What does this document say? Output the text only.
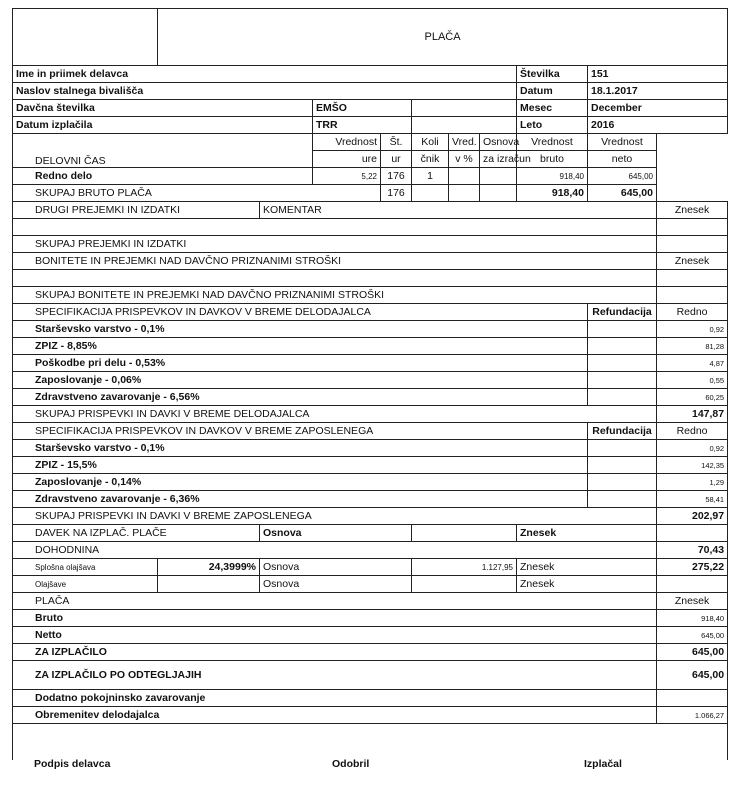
	PLAČA									
Ime in priimek delavca								Številka	151	
Naslov stalnega bivališča								Datum	18.1.2017	
Davčna številka			EMŠO					Mesec	December	
Datum izplačila			TRR					Leto	2016	
DELOVNI ČAS			Vrednost	Št.	Koli	Vred.	Osnova	Vrednost	Vrednost
			ure	ur	čnik	v %	za izračun	bruto	neto	
Redno delo			5,22	176	1			918,40	645,00	
SKUPAJ BRUTO PLAČA				176				918,40	645,00	
DRUGI PREJEMKI IN IZDATKI		KOMENTAR								Znesek

SKUPAJ PREJEMKI IN IZDATKI										
BONITETE IN PREJEMKI NAD DAVČNO PRIZNANIMI STROŠKI										Znesek

SKUPAJ BONITETE IN PREJEMKI NAD DAVČNO PRIZNANIMI STROŠKI										
SPECIFIKACIJA PRISPEVKOV IN DAVKOV V BREME DELODAJALCA									Refundacija	Redno
Starševsko varstvo - 0,1%										0,92
ZPIZ - 8,85%										81,28
Poškodbe pri delu - 0,53%										4,87
Zaposlovanje - 0,06%										0,55
Zdravstveno zavarovanje - 6,56%										60,25
SKUPAJ PRISPEVKI IN DAVKI V BREME DELODAJALCA										147,87
SPECIFIKACIJA PRISPEVKOV IN DAVKOV V BREME ZAPOSLENEGA									Refundacija	Redno
Starševsko varstvo - 0,1%										0,92
ZPIZ - 15,5%										142,35
Zaposlovanje - 0,14%										1,29
Zdravstveno zavarovanje - 6,36%										58,41
SKUPAJ PRISPEVKI IN DAVKI V BREME ZAPOSLENEGA										202,97
DAVEK NA IZPLAČ. PLAČE		Osnova						Znesek		
DOHODNINA										70,43
Splošna olajšava	24,3999%	Osnova			1.127,95			Znesek		275,22
Olajšave		Osnova						Znesek		
PLAČA										Znesek
Bruto										918,40
Netto										645,00
ZA IZPLAČILO										645,00
ZA IZPLAČILO PO ODTEGLJAJIH										645,00
Dodatno pokojninsko zavarovanje										
Obremenitev delodajalca										1.066,27

Podpis delavca	Odobril	Izplačal
